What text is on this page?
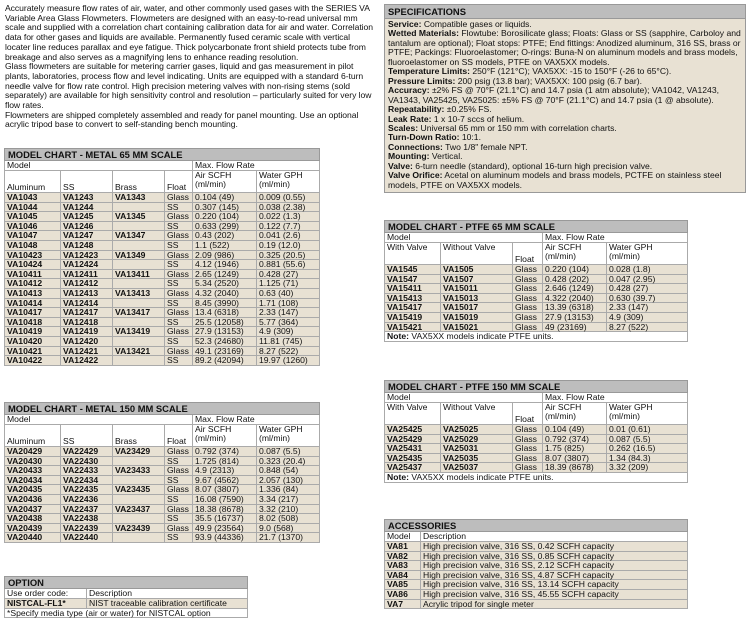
Accurately measure flow rates of air, water, and other commonly used gases with the SERIES VA Variable Area Glass Flowmeters. Flowmeters are designed with an easy-to-read universal mm scale and supplied with a correlation chart containing calibration data for air and water. Correlation data for other gases and liquids are available. Permanently fused ceramic scale with vertical locater line reduces parallax and eye fatigue. Thick polycarbonate front shield protects tube from breakage and also serves as a magnifying lens to enhance reading resolution.

Glass flowmeters are suitable for metering carrier gases, liquid and gas measurement in pilot plants, laboratories, process flow and level indicating. Units are equipped with a standard 6-turn needle valve for flow rate control. High precision metering valves with non-rising stems (sold separately) are available for high sensitivity control and resolution – particularly suited for very low flow rates.

Flowmeters are shipped completely assembled and ready for panel mounting. Use an optional acrylic tripod base to convert to self-standing bench mounting.

MODEL CHART - METAL 65 MM SCALE					
Model				Max. Flow Rate	
Aluminum	SS	Brass	Float	Air SCFH (ml/min)	Water GPH (ml/min)
VA1043	VA1243	VA1343	Glass	0.104 (49)	0.009 (0.55)
VA1044	VA1244		SS	0.307 (145)	0.038 (2.38)
VA1045	VA1245	VA1345	Glass	0.220 (104)	0.022 (1.3)
VA1046	VA1246		SS	0.633 (299)	0.122 (7.7)
VA1047	VA1247	VA1347	Glass	0.43 (202)	0.041 (2.6)
VA1048	VA1248		SS	1.1 (522)	0.19 (12.0)
VA10423	VA12423	VA1349	Glass	2.09 (986)	0.325 (20.5)
VA10424	VA12424		SS	4.12 (1946)	0.881 (55.6)
VA10411	VA12411	VA13411	Glass	2.65 (1249)	0.428 (27)
VA10412	VA12412		SS	5.34 (2520)	1.125 (71)
VA10413	VA12413	VA13413	Glass	4.32 (2040)	0.63 (40)
VA10414	VA12414		SS	8.45 (3990)	1.71 (108)
VA10417	VA12417	VA13417	Glass	13.4 (6318)	2.33 (147)
VA10418	VA12418		SS	25.5 (12058)	5.77 (364)
VA10419	VA12419	VA13419	Glass	27.9 (13153)	4.9 (309)
VA10420	VA12420		SS	52.3 (24680)	11.81 (745)
VA10421	VA12421	VA13421	Glass	49.1 (23169)	8.27 (522)
VA10422	VA12422		SS	89.2 (42094)	19.97 (1260)
MODEL CHART - METAL 150 MM SCALE					
Model				Max. Flow Rate	
Aluminum	SS	Brass	Float	Air SCFH (ml/min)	Water GPH (ml/min)
VA20429	VA22429	VA23429	Glass	0.792 (374)	0.087 (5.5)
VA20430	VA22430		SS	1.725 (814)	0.323 (20.4)
VA20433	VA22433	VA23433	Glass	4.9 (2313)	0.848 (54)
VA20434	VA22434		SS	9.67 (4562)	2.057 (130)
VA20435	VA22435	VA23435	Glass	8.07 (3807)	1.336 (84)
VA20436	VA22436		SS	16.08 (7590)	3.34 (217)
VA20437	VA22437	VA23437	Glass	18.38 (8678)	3.32 (210)
VA20438	VA22438		SS	35.5 (16737)	8.02 (508)
VA20439	VA22439	VA23439	Glass	49.9 (23564)	9.0 (568)
VA20440	VA22440		SS	93.9 (44336)	21.7 (1370)
OPTION	
Use order code:	Description
NISTCAL-FL1*	NIST traceable calibration certificate
*Specify media type (air or water) for NISTCAL option	
SPECIFICATIONS

Service: Compatible gases or liquids.

Wetted Materials: Flowtube: Borosilicate glass; Floats: Glass or SS (sapphire, Carboloy and tantalum are optional); Float stops: PTFE; End fittings: Anodized aluminum, 316 SS, brass or PTFE; Packings: Fluoroelastomer; O-rings: Buna-N on aluminum models and brass models, fluoroelastomer on SS models, PTFE on VAX5XX models.

Temperature Limits: 250°F (121°C); VAX5XX: -15 to 150°F (-26 to 65°C).

Pressure Limits: 200 psig (13.8 bar); VAX5XX: 100 psig (6.7 bar).

Accuracy: ±2% FS @ 70°F (21.1°C) and 14.7 psia (1 atm absolute); VA1042, VA1243, VA1343, VA25425, VA25025: ±5% FS @ 70°F (21.1°C) and 14.7 psia (1 @ absolute).

Repeatability: ±0.25% FS.

Leak Rate: 1 x 10-7 sccs of helium.

Scales: Universal 65 mm or 150 mm with correlation charts.

Turn-Down Ratio: 10:1.

Connections: Two 1/8" female NPT.

Mounting: Vertical.

Valve: 6-turn needle (standard), optional 16-turn high precision valve.

Valve Orifice: Acetal on aluminum models and brass models, PCTFE on stainless steel models, PTFE on VAX5XX models.

MODEL CHART - PTFE 65 MM SCALE				
Model			Max. Flow Rate	
With Valve	Without Valve	Float	Air SCFH (ml/min)	Water GPH (ml/min)
VA1545	VA1505	Glass	0.220 (104)	0.028 (1.8)
VA1547	VA1507	Glass	0.428 (202)	0.047 (2.95)
VA15411	VA15011	Glass	2.646 (1249)	0.428 (27)
VA15413	VA15013	Glass	4.322 (2040)	0.630 (39.7)
VA15417	VA15017	Glass	13.39 (6318)	2.33 (147)
VA15419	VA15019	Glass	27.9 (13153)	4.9 (309)
VA15421	VA15021	Glass	49 (23169)	8.27 (522)
Note: VAX5XX models indicate PTFE units.				
MODEL CHART - PTFE 150 MM SCALE				
Model			Max. Flow Rate	
With Valve	Without Valve	Float	Air SCFH (ml/min)	Water GPH (ml/min)
VA25425	VA25025	Glass	0.104 (49)	0.01 (0.61)
VA25429	VA25029	Glass	0.792 (374)	0.087 (5.5)
VA25431	VA25031	Glass	1.75 (825)	0.262 (16.5)
VA25435	VA25035	Glass	8.07 (3807)	1.34 (84.3)
VA25437	VA25037	Glass	18.39 (8678)	3.32 (209)
Note: VAX5XX models indicate PTFE units.				
ACCESSORIES	
Model	Description
VA81	High precision valve, 316 SS, 0.42 SCFH capacity
VA82	High precision valve, 316 SS, 0.85 SCFH capacity
VA83	High precision valve, 316 SS, 2.12 SCFH capacity
VA84	High precision valve, 316 SS, 4.87 SCFH capacity
VA85	High precision valve, 316 SS, 13.14 SCFH capacity
VA86	High precision valve, 316 SS, 45.55 SCFH capacity
VA7	Acrylic tripod for single meter
